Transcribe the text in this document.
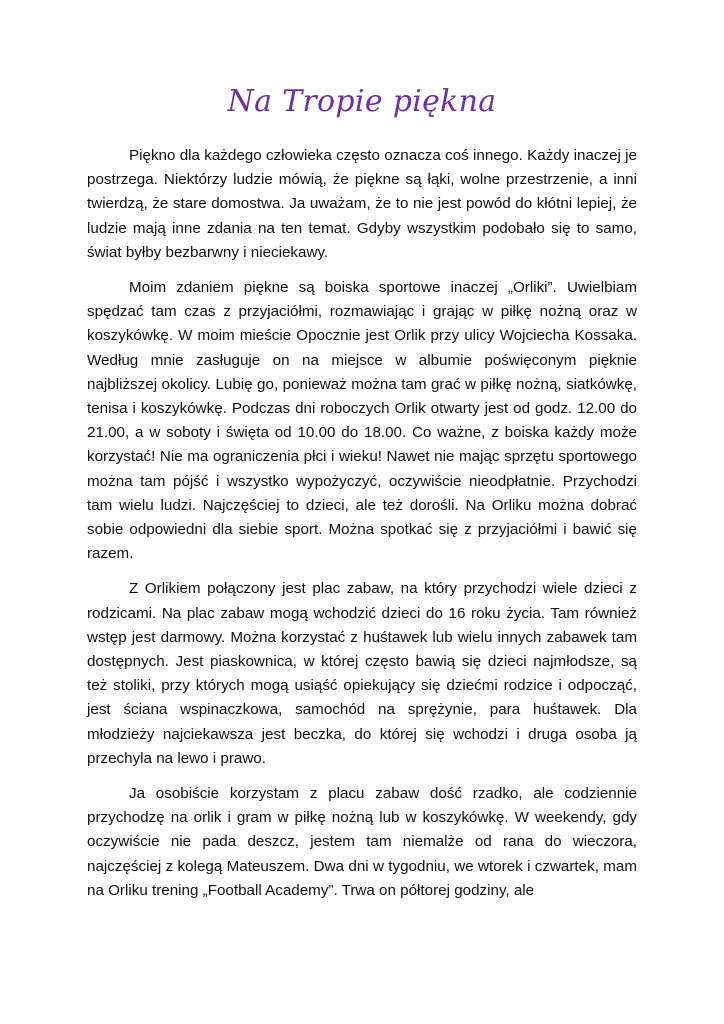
Na Tropie piękna

Piękno dla każdego człowieka często oznacza coś innego. Każdy inaczej je postrzega. Niektórzy ludzie mówią, że piękne są łąki, wolne przestrzenie, a inni twierdzą, że stare domostwa. Ja uważam, że to nie jest powód do kłótni lepiej, że ludzie mają inne zdania na ten temat. Gdyby wszystkim podobało się to samo, świat byłby bezbarwny i nieciekawy.

Moim zdaniem piękne są boiska sportowe inaczej „Orliki”. Uwielbiam spędzać tam czas z przyjaciółmi, rozmawiając i grając w piłkę nożną oraz w koszykówkę. W moim mieście Opocznie jest Orlik przy ulicy Wojciecha Kossaka. Według mnie zasługuje on na miejsce w albumie poświęconym pięknie najbliższej okolicy. Lubię go, ponieważ można tam grać w piłkę nożną, siatkówkę, tenisa i koszykówkę. Podczas dni roboczych Orlik otwarty jest od godz. 12.00 do 21.00, a w soboty i święta od 10.00 do 18.00. Co ważne, z boiska każdy może korzystać! Nie ma ograniczenia płci i wieku! Nawet nie mając sprzętu sportowego można tam pójść i wszystko wypożyczyć, oczywiście nieodpłatnie. Przychodzi tam wielu ludzi. Najczęściej to dzieci, ale też dorośli. Na Orliku można dobrać sobie odpowiedni dla siebie sport. Można spotkać się z przyjaciółmi i bawić się razem.

Z Orlikiem połączony jest plac zabaw, na który przychodzi wiele dzieci z rodzicami. Na plac zabaw mogą wchodzić dzieci do 16 roku życia. Tam również wstęp jest darmowy. Można korzystać z huśtawek lub wielu innych zabawek tam dostępnych. Jest piaskownica, w której często bawią się dzieci najmłodsze, są też stoliki, przy których mogą usiąść opiekujący się dziećmi rodzice i odpocząć, jest ściana wspinaczkowa, samochód na sprężynie, para huśtawek. Dla młodzieży najciekawsza jest beczka, do której się wchodzi i druga osoba ją przechyla na lewo i prawo.

Ja osobiście korzystam z placu zabaw dość rzadko, ale codziennie przychodzę na orlik i gram w piłkę nożną lub w koszykówkę. W weekendy, gdy oczywiście nie pada deszcz, jestem tam niemalże od rana do wieczora, najczęściej z kolegą Mateuszem. Dwa dni w tygodniu, we wtorek i czwartek, mam na Orliku trening „Football Academy”. Trwa on półtorej godziny, ale
